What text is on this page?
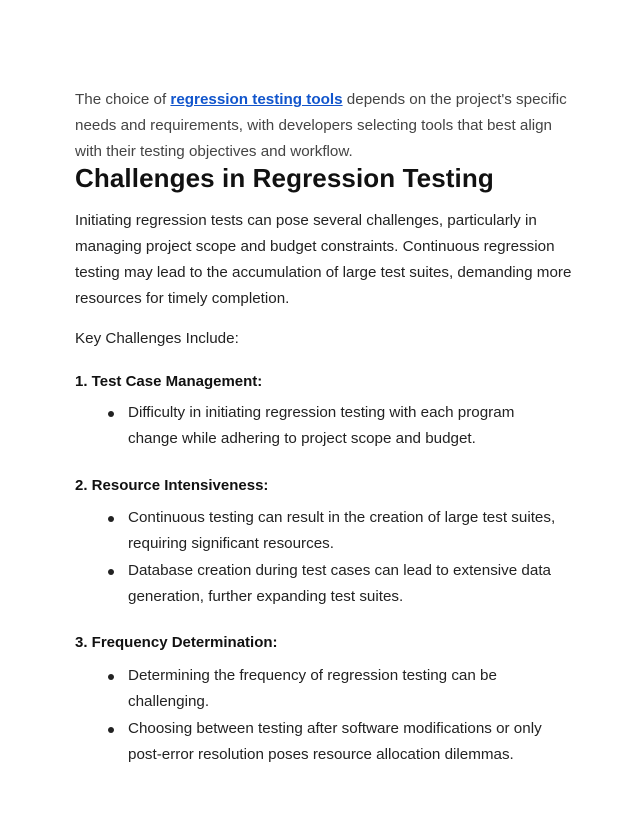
The choice of regression testing tools depends on the project's specific needs and requirements, with developers selecting tools that best align with their testing objectives and workflow.

Challenges in Regression Testing

Initiating regression tests can pose several challenges, particularly in managing project scope and budget constraints. Continuous regression testing may lead to the accumulation of large test suites, demanding more resources for timely completion.

Key Challenges Include:

1. Test Case Management:
Difficulty in initiating regression testing with each program change while adhering to project scope and budget.
2. Resource Intensiveness:
Continuous testing can result in the creation of large test suites, requiring significant resources.
Database creation during test cases can lead to extensive data generation, further expanding test suites.
3. Frequency Determination:
Determining the frequency of regression testing can be challenging.
Choosing between testing after software modifications or only post-error resolution poses resource allocation dilemmas.
